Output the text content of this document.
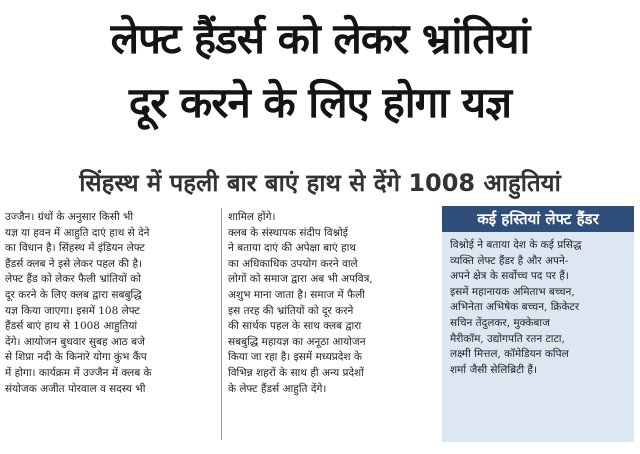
लेफ्ट हैंडर्स को लेकर भ्रांतियां
दूर करने के लिए होगा यज्ञ
सिंहस्थ में पहली बार बाएं हाथ से देंगे 1008 आहुतियां

उज्जैन। ग्रंथों के अनुसार किसी भी
यज्ञ या हवन में आहुति दाएं हाथ से देने
का विधान है। सिंहस्थ में इंडियन लेफ्ट
हैंडर्स क्लब ने इसे लेकर पहल की है।
लेफ्ट हैंड को लेकर फैली भ्रांतियों को
दूर करने के लिए क्लब द्वारा सबबुद्धि
यज्ञ किया जाएगा। इसमें 108 लेफ्ट
हैंडर्स बाएं हाथ से 1008 आहुतियां
देंगे। आयोजन बुधवार सुबह आठ बजे
से शिप्रा नदी के किनारे योगा कुंभ कैंप
में होगा। कार्यक्रम में उज्जैन में क्लब के
संयोजक अजीत पोरवाल व सदस्य भी

शामिल होंगे।
क्लब के संस्थापक संदीप विश्नोई
ने बताया दाएं की अपेक्षा बाएं हाथ
का अधिकाधिक उपयोग करने वाले
लोगों को समाज द्वारा अब भी अपवित्र,
अशुभ माना जाता है। समाज में फैली
इस तरह की भ्रांतियों को दूर करने
की सार्थक पहल के साथ क्लब द्वारा
सबबुद्धि महायज्ञ का अनूठा आयोजन
किया जा रहा है। इसमें मध्यप्रदेश के
विभिन्न शहरों के साथ ही अन्य प्रदेशों
के लेफ्ट हैंडर्स आहुति देंगे।

कई हस्तियां लेफ्ट हैंडर
विश्नोई ने बताया देश के कई प्रसिद्ध
व्यक्ति लेफ्ट हैंडर है और अपने-
अपने क्षेत्र के सर्वोच्च पद पर हैं।
इसमें महानायक अमिताभ बच्चन,
अभिनेता अभिषेक बच्चन, क्रिकेटर
सचिन तेंदुलकर, मुक्केबाज
मैरीकॉम, उद्योगपति रतन टाटा,
लक्ष्मी मित्तल, कॉमेडियन कपिल
शर्मा जैसी सेलिब्रिटी हैं।
